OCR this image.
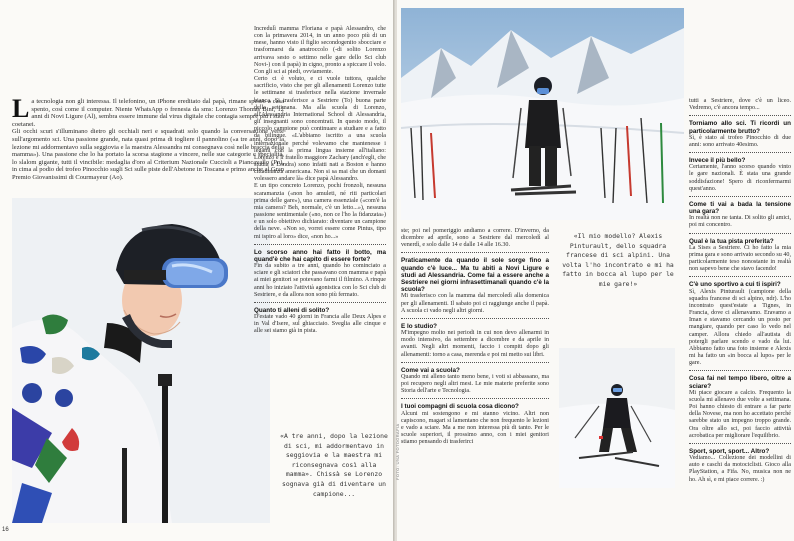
L a tecnologia non gli interessa. Il telefonino, un iPhone ereditato dal papà, rimane spesso a casa spento, così come il computer. Niente WhatsApp o frenesia da sms: Lorenzo Thomas Bini, 12 anni di Novi Ligure (Al), sembra essere immune dal virus digitale che contagia sempre più i suoi coetanei.

Gli occhi scuri s'illuminano dietro gli occhiali neri e squadrati solo quando la conversazione verte sull'argomento sci. Una passione grande, nata quasi prima di togliere il pannolino («a tre anni, dopo la lezione mi addormentavo sulla seggiovia e la maestra Alessandra mi consegnava così nelle braccia della mamma»). Una passione che lo ha portato la scorsa stagione a vincere, nelle sue categorie e specialità, lo slalom gigante, tutti il vincibile: medaglia d'oro al Criterium Nazionale Cuccioli a Piancavallo (Pn), in cima al podio del trofeo Pinocchio sugli Sci sulle piste dell'Abetone in Toscana e primo anche al Gran Premio Giovanissimi di Courmayeur (Ao).

Incredulì mamma Floriana e papà Alessandro, che con la primavera 2014, in un anno poco più di un mese, hanno visto il figlio secondogenito sbocciare e trasformarsi da anatroccolo (-di solito Lorenzo arrivava sesto o settimo nelle gare dello Sci club Novi-) con il papà) in cigno, pronto a spiccare il volo. Con gli sci ai piedi, ovviamente.

Certo ci è voluto, e ci vuole tuttora, qualche sacrificio, visto che per gli allenamenti Lorenzo tutte le settimane si trasferisce nella stazione invernale bianca. Si trasferisce a Sestriere (To) buona parte della settimana. Ma alla scuola di Lorenzo, all'Alessandria International School di Alessandria, gli insegnanti sono concentrati. In questo modo, il piccolo campione può continuare a studiare e a fatto da bilingue. «L'abbiamo iscritto a una scuola internazionale perché volevamo che mantenesse i legami con la prima lingua insieme all'italiano: Lorenzo e il fratello maggiore Zachary (anch'egli, che studia a Londra) sono infatti nati a Boston e hanno cittadinanza americana. Non si sa mai che un domani volessero andare là» dice papà Alessandro.

E un tipo concreto Lorenzo, pochi fronzoli, nessuna scaramanzia («non ho amuleti, né riti particolari prima delle gare»), una camera essenziale («com'è la mia camera? Beh, normale, c'è un letto...»), nessuna passione sentimentale («no, non ce l'ho la fidanzata») e un solo obiettivo dichiarato: diventare un campione della neve. «Non so, vorrei essere come Pintus, tipo mi ispiro al loro» dice, «non ho...»

Lo scorso anno hai fatto il botto, ma quand'è che hai capito di essere forte?

Fin da subito a tre anni, quando ho cominciato a sciare e gli sciatori che passavano con mamma e papà ai miei genitori se potevano farmi il filmino. A rinque anni ho iniziato l'attività agonistica con lo Sci club di Sestriere, e da allora non sono più fermato.

Quanto ti alleni di solito?

D'estate vado 40 giorni in Francia alle Deux Alpes e in Val d'Isere, sul ghiacciaio. Sveglia alle cinque e alle sei siamo già in pista.

«A tre anni, dopo la lezione di sci, mi addormentavo in seggiovia e la maestra mi riconsegnava così alla mamma». Chissà se Lorenzo sognava già di diventare un campione...
16

ste; poi nel pomeriggio andiamo a correre. D'inverno, da dicembre ad aprile, sono a Sestriere dal mercoledì al venerdì, e solo dalle 14 e dalle 14 alle 16.30.

Praticamente da quando il sole sorge fino a quando c'è luce... Ma tu abiti a Novi Ligure e studi ad Alessandria. Come fai a essere anche a Sestriere nei giorni infrasettimanali quando c'è la scuola?

Mi trasferisco con la mamma dal mercoledì alla domenica per gli allenamenti. Il sabato poi ci raggiunge anche il papà. A scuola ci vado negli altri giorni.

E lo studio?

M'impegno molto nei periodi in cui non devo allenarmi in modo intensivo, da settembre a dicembre e da aprile in avanti. Negli altri momenti, faccio i compiti dopo gli allenamenti: torno a casa, merenda e poi mi metto sui libri.

Come vai a scuola?

Quando mi alleno tanto meno bene, i voti si abbassano, ma poi recupero negli altri mesi. Le mie materie preferite sono Storia dell'arte e Tecnologia.

I tuoi compagni di scuola cosa dicono?

Alcuni mi sostengono e mi stanno vicino. Altri non capiscono, magari si lamentano che non frequento le lezioni e vado a sciare. Ma a me non interessa più di tanto. Per le scuole superiori, il prossimo anno, con i miei genitori stiamo pensando di trasferirci

«Il mio modello? Alexis Pinturault, dello squadra francese di sci alpini. Una volta l'ho incontrato e mi ha fatto in bocca al lupo per le mie gare!»

tutti a Sestriere, dove c'è un liceo. Vedremo, c'è ancora tempo...

Torniamo allo sci. Ti ricordi un particolarmente brutto?

Sì, è stato al trofeo Pinocchio di due anni: sono arrivato 40esimo.

Invece il più bello?

Certamente, l'anno scorso quando vinto le gare nazionali. È stata una grande soddisfazione! Spero di riconfermarmi quest'anno.

Come ti vai a bada la tensione una gara?

In realtà non ne tanta. Di solito gli amici, poi mi concentro.

Qual è la tua pista preferita?

La Sises a Sestriere. Ci ho fatto la mia prima gara e sono arrivato secondo su 40, particolarmente teso nonostante in realtà non sapevo bene che stavo facendo!

C'è uno sportivo a cui ti ispiri?

Sì, Alexis Pinturault (campione della squadra francese di sci alpino, ndr). L'ho incontrato quest'estate a Tignes, in Francia, dove ci allenavamo. Eravamo a Iman e stavamo cercando un posto per mangiare, quando per caso lo vedo nel camper. Allora chiedo all'autista di potergli parlare scendo e vado da lui. Abbiamo fatto una foto insieme e Alexis mi ha fatto un «in bocca al lupo» per le gare.

Cosa fai nel tempo libero, oltre a sciare?

Mi piace giocare a calcio. Frequento la scuola mi allenavo due volte a settimana. Poi hanno chiesto di entrare a far parte della Novese, ma non ho accettato perché sarebbe stato un impegno troppo grande. Ora oltre allo sci, poi faccio attività acrobatica per migliorare l'equilibrio.

Sport, sport, sport... Altro?

Vediamo... Collezione dei modellini di auto e caschi da motociclisti. Gioco alla PlayStation, a Fifa. No, musica non ne ho. Ah sì, e mi piace correre. :)

FOTO: UNA FOTOGRAFIA
